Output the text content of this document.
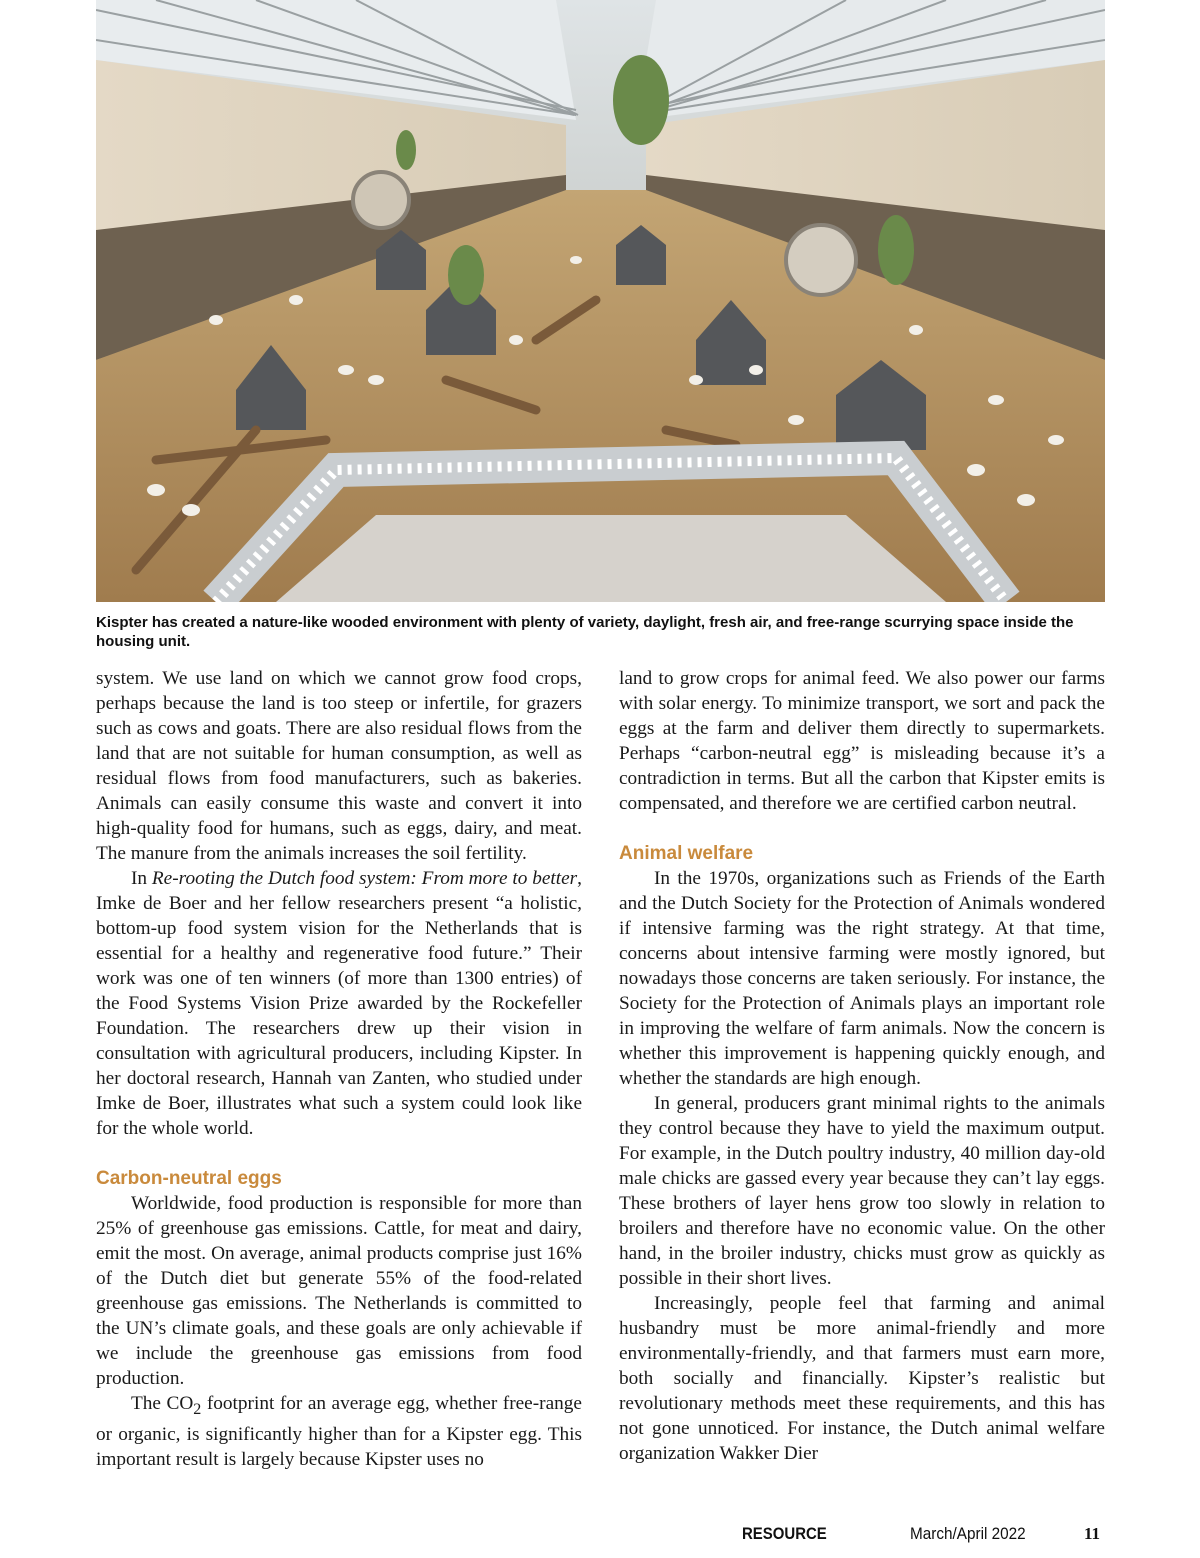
Kispter has created a nature-like wooded environment with plenty of variety, daylight, fresh air, and free-range scurrying space inside the housing unit.

system. We use land on which we cannot grow food crops, perhaps because the land is too steep or infertile, for grazers such as cows and goats. There are also residual flows from the land that are not suitable for human consumption, as well as residual flows from food manufacturers, such as bakeries. Animals can easily consume this waste and convert it into high-quality food for humans, such as eggs, dairy, and meat. The manure from the animals increases the soil fertility.

In Re-rooting the Dutch food system: From more to better, Imke de Boer and her fellow researchers present “a holistic, bottom-up food system vision for the Netherlands that is essential for a healthy and regenerative food future.” Their work was one of ten winners (of more than 1300 entries) of the Food Systems Vision Prize awarded by the Rockefeller Foundation. The researchers drew up their vision in consultation with agricultural producers, including Kipster. In her doctoral research, Hannah van Zanten, who studied under Imke de Boer, illustrates what such a system could look like for the whole world.

Carbon-neutral eggs

Worldwide, food production is responsible for more than 25% of greenhouse gas emissions. Cattle, for meat and dairy, emit the most. On average, animal products comprise just 16% of the Dutch diet but generate 55% of the food-related greenhouse gas emissions. The Netherlands is committed to the UN’s climate goals, and these goals are only achievable if we include the greenhouse gas emissions from food production.

The $CO_2$ footprint for an average egg, whether free-range or organic, is significantly higher than for a Kipster egg. This important result is largely because Kipster uses no

land to grow crops for animal feed. We also power our farms with solar energy. To minimize transport, we sort and pack the eggs at the farm and deliver them directly to supermarkets. Perhaps “carbon-neutral egg” is misleading because it’s a contradiction in terms. But all the carbon that Kipster emits is compensated, and therefore we are certified carbon neutral.

Animal welfare

In the 1970s, organizations such as Friends of the Earth and the Dutch Society for the Protection of Animals wondered if intensive farming was the right strategy. At that time, concerns about intensive farming were mostly ignored, but nowadays those concerns are taken seriously. For instance, the Society for the Protection of Animals plays an important role in improving the welfare of farm animals. Now the concern is whether this improvement is happening quickly enough, and whether the standards are high enough.

In general, producers grant minimal rights to the animals they control because they have to yield the maximum output. For example, in the Dutch poultry industry, 40 million day-old male chicks are gassed every year because they can’t lay eggs. These brothers of layer hens grow too slowly in relation to broilers and therefore have no economic value. On the other hand, in the broiler industry, chicks must grow as quickly as possible in their short lives.

Increasingly, people feel that farming and animal husbandry must be more animal-friendly and more environmentally-friendly, and that farmers must earn more, both socially and financially. Kipster’s realistic but revolutionary methods meet these requirements, and this has not gone unnoticed. For instance, the Dutch animal welfare organization Wakker Dier

RESOURCE	March/April 2022	11
